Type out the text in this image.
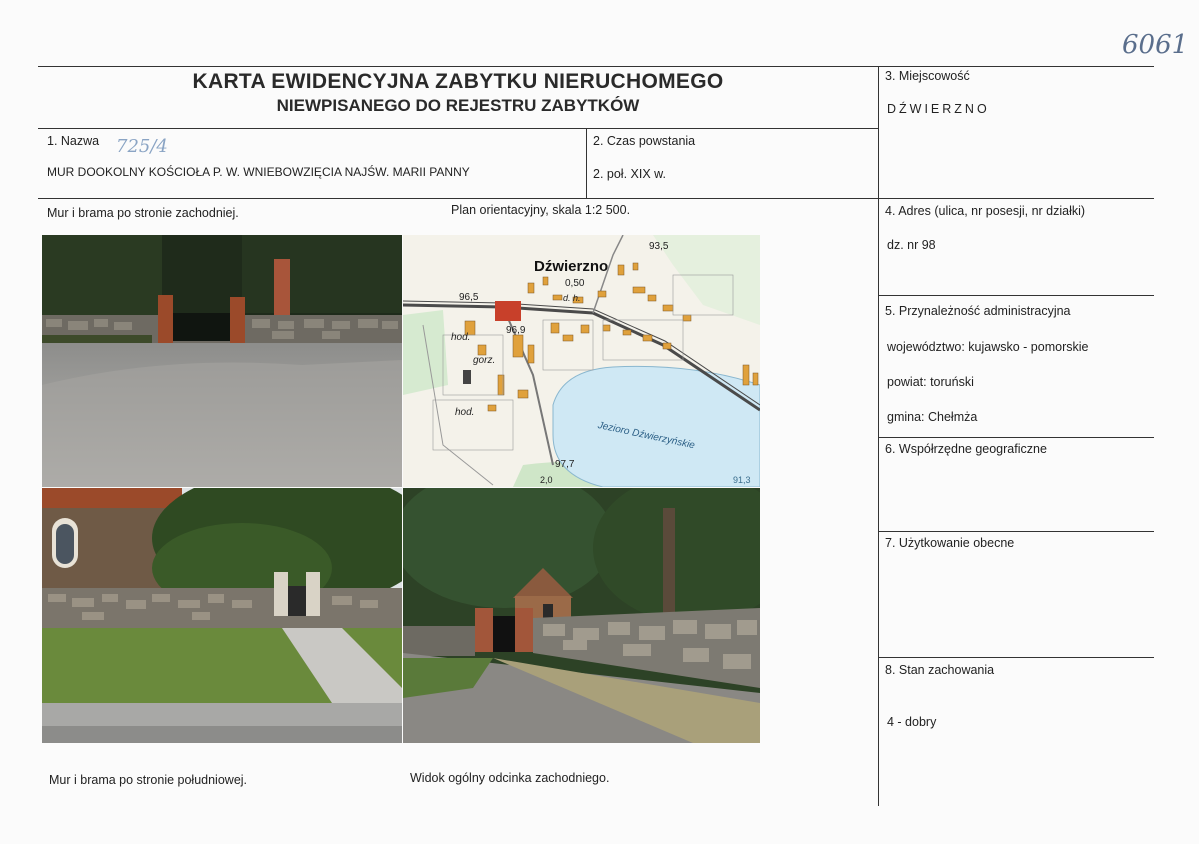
6061
KARTA EWIDENCYJNA ZABYTKU NIERUCHOMEGO
NIEWPISANEGO DO REJESTRU ZABYTKÓW
1. Nazwa 725/4
MUR DOOKOLNY KOŚCIOŁA P. W. WNIEBOWZIĘCIA NAJŚW. MARII PANNY
2. Czas powstania
2. poł. XIX w.
3. Miejscowość
DŹWIERZNO
4. Adres (ulica, nr posesji, nr działki)
dz. nr 98
5. Przynależność administracyjna
województwo: kujawsko - pomorskie
powiat: toruński
gmina: Chełmża
6. Współrzędne geograficzne
7. Użytkowanie obecne
8. Stan zachowania
4 - dobry
Mur i brama po stronie zachodniej.	Plan orientacyjny, skala 1:2 500.
Mur i brama po stronie południowej.	Widok ogólny odcinka zachodniego.
Dźwierzno
0,50
93,5
96,5
96,9
97,7
91,3
hod.
hod.
gorz.
d. h.
Jezioro Dźwierzyńskie
2,0
